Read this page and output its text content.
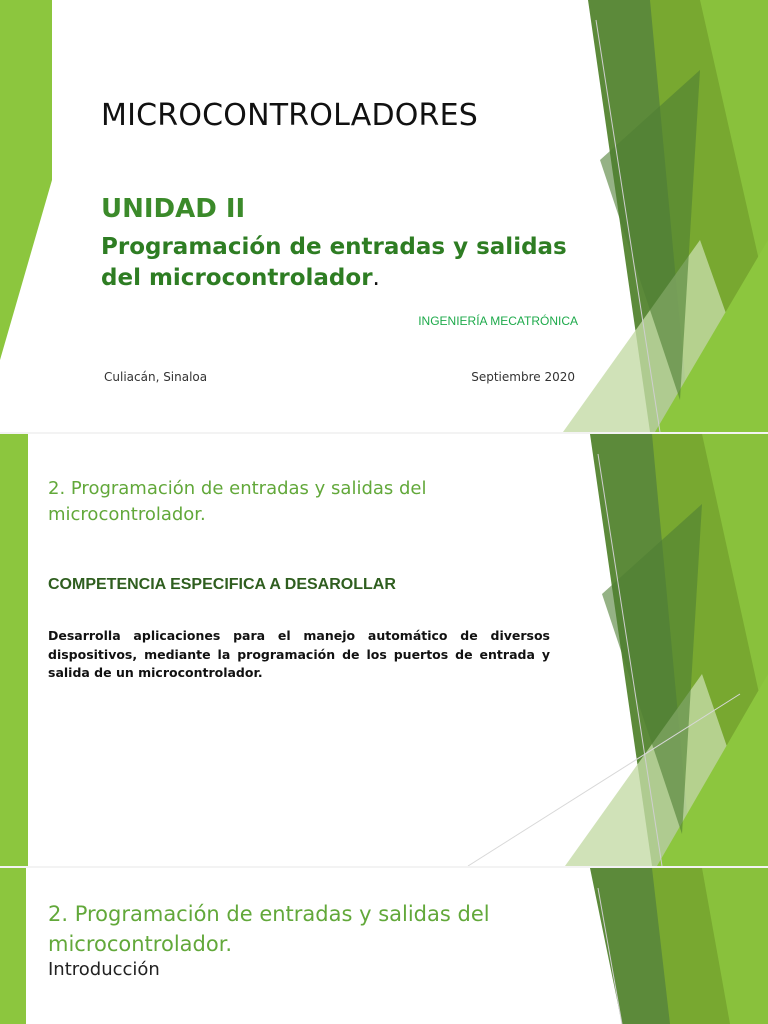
MICROCONTROLADORES
UNIDAD II
Programación de entradas y salidas del microcontrolador.
INGENIERÍA MECATRÓNICA
Culiacán, Sinaloa	Septiembre 2020
2. Programación de entradas y salidas del microcontrolador.
COMPETENCIA ESPECIFICA A DESAROLLAR
Desarrolla aplicaciones para el manejo automático de diversos dispositivos, mediante la programación de los puertos de entrada y salida de un microcontrolador.
2. Programación de entradas y salidas del microcontrolador.
Introducción
